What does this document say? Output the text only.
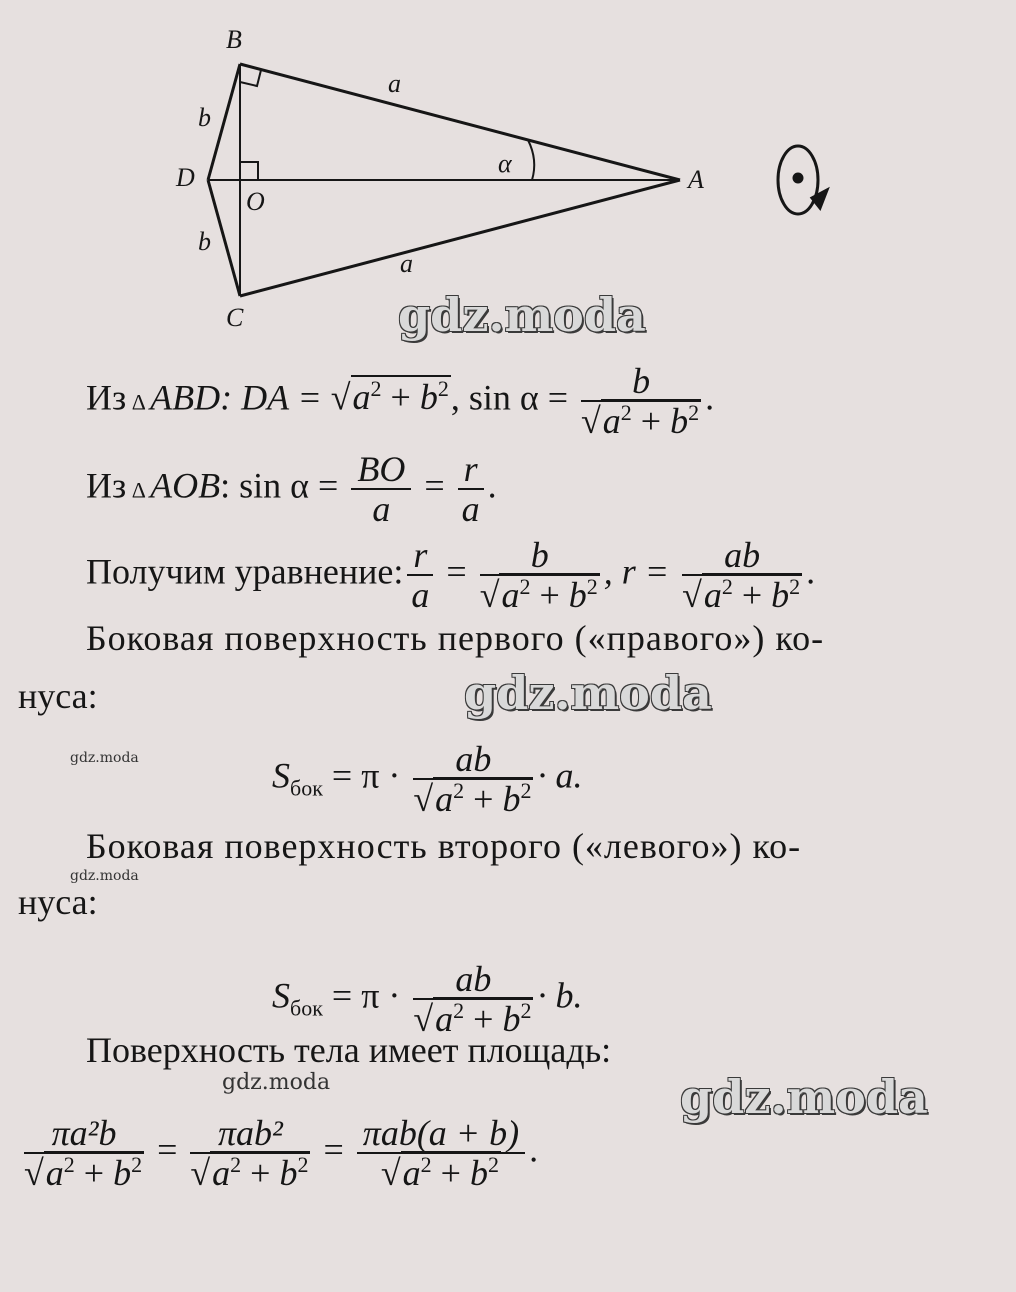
B
D
O
C
A
a
a
b
b
α
gdz.moda
Из Δ ABD: DA = $√a^2 + b^2$, $\sin \alpha = \frac{b}{√a^2 + b^2}$ .
Из Δ AOB: $\sin \alpha = \frac{BO}{a} = \frac{r}{a}$ .
Получим уравнение: $\frac{r}{a} = \frac{b}{√a^2 + b^2}$ , $r = \frac{ab}{√a^2 + b^2}$ .
Боковая поверхность первого («правого») ко-
нуса:	gdz.moda
gdz.moda	$S_{бок} = \pi \cdot \frac{ab}{√a^2 + b^2} \cdot a$.
Боковая поверхность второго («левого») ко-
gdz.moda
нуса:
$S_{бок} = \pi \cdot \frac{ab}{√a^2 + b^2} \cdot b$.
Поверхность тела имеет площадь:
gdz.moda	gdz.moda
$\frac{\text{πa²b}}{√a^2 + b^2} = \frac{\text{πab²}}{√a^2 + b^2} = \frac{\text{πab(a + b)}}{√a^2 + b^2}$ .
